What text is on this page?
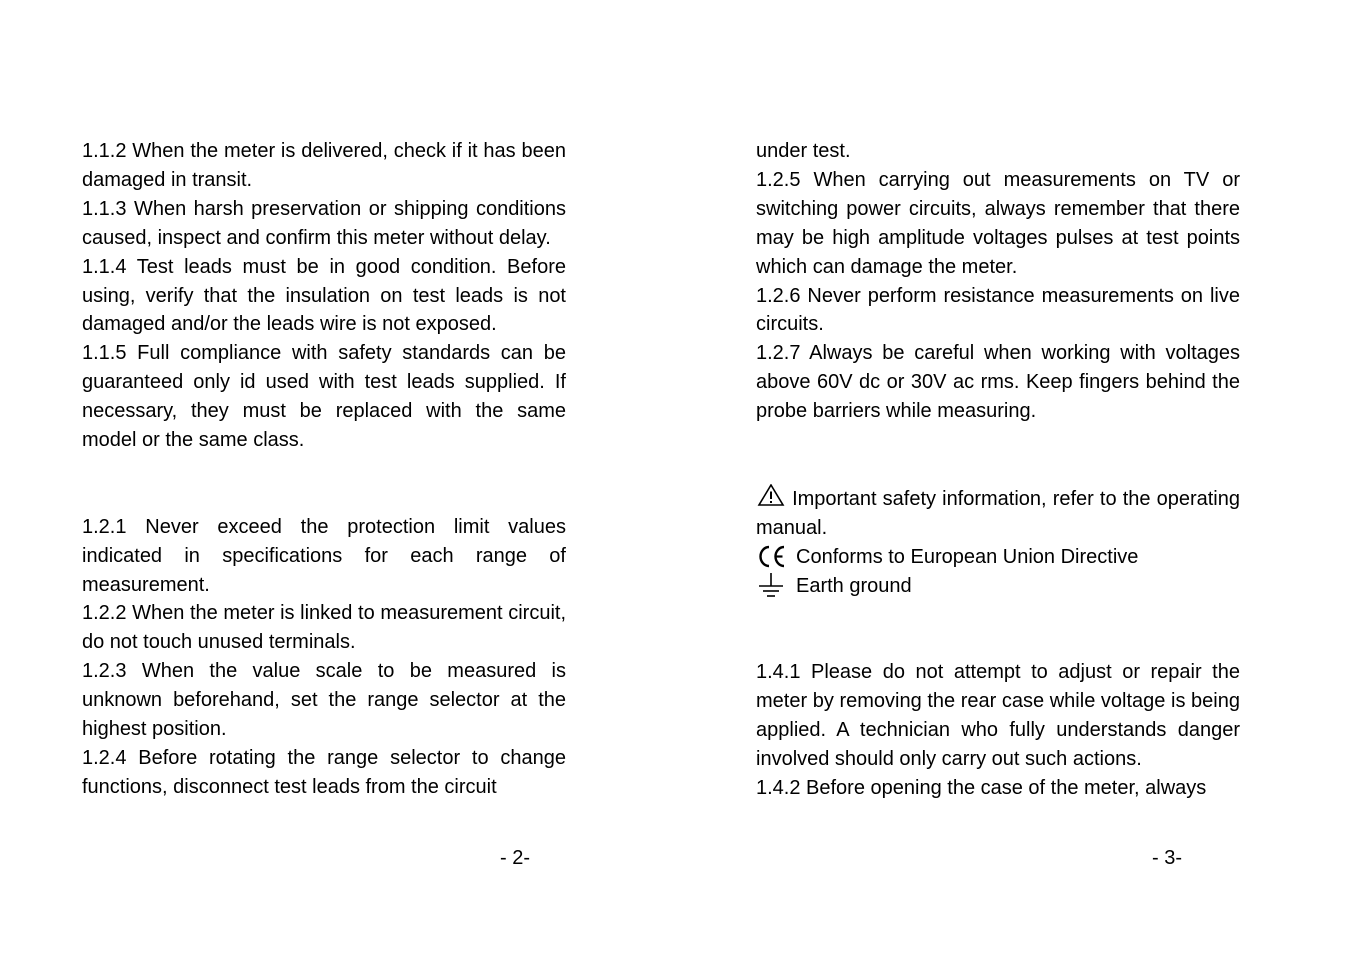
1.1.2 When the meter is delivered, check if it has been damaged in transit.

1.1.3 When harsh preservation or shipping conditions caused, inspect and confirm this meter without delay.

1.1.4 Test leads must be in good condition. Before using, verify that the insulation on test leads is not damaged and/or the leads wire is not exposed.

1.1.5 Full compliance with safety standards can be guaranteed only id used with test leads supplied. If necessary, they must be replaced with the same model or the same class.

1.2.1 Never exceed the protection limit values indicated in specifications for each range of measurement.

1.2.2 When the meter is linked to measurement circuit, do not touch unused terminals.

1.2.3 When the value scale to be measured is unknown beforehand, set the range selector at the highest position.

1.2.4 Before rotating the range selector to change functions, disconnect test leads from the circuit

- 2-

under test.

1.2.5 When carrying out measurements on TV or switching power circuits, always remember that there may be high amplitude voltages pulses at test points which can damage the meter.

1.2.6 Never perform resistance measurements on live circuits.

1.2.7 Always be careful when working with voltages above 60V dc or 30V ac rms. Keep fingers behind the probe barriers while measuring.

Important safety information, refer to the operating manual.

Conforms to European Union Directive
Earth ground

1.4.1 Please do not attempt to adjust or repair the meter by removing the rear case while voltage is being applied. A technician who fully understands danger involved should only carry out such actions.

1.4.2 Before opening the case of the meter, always

- 3-
